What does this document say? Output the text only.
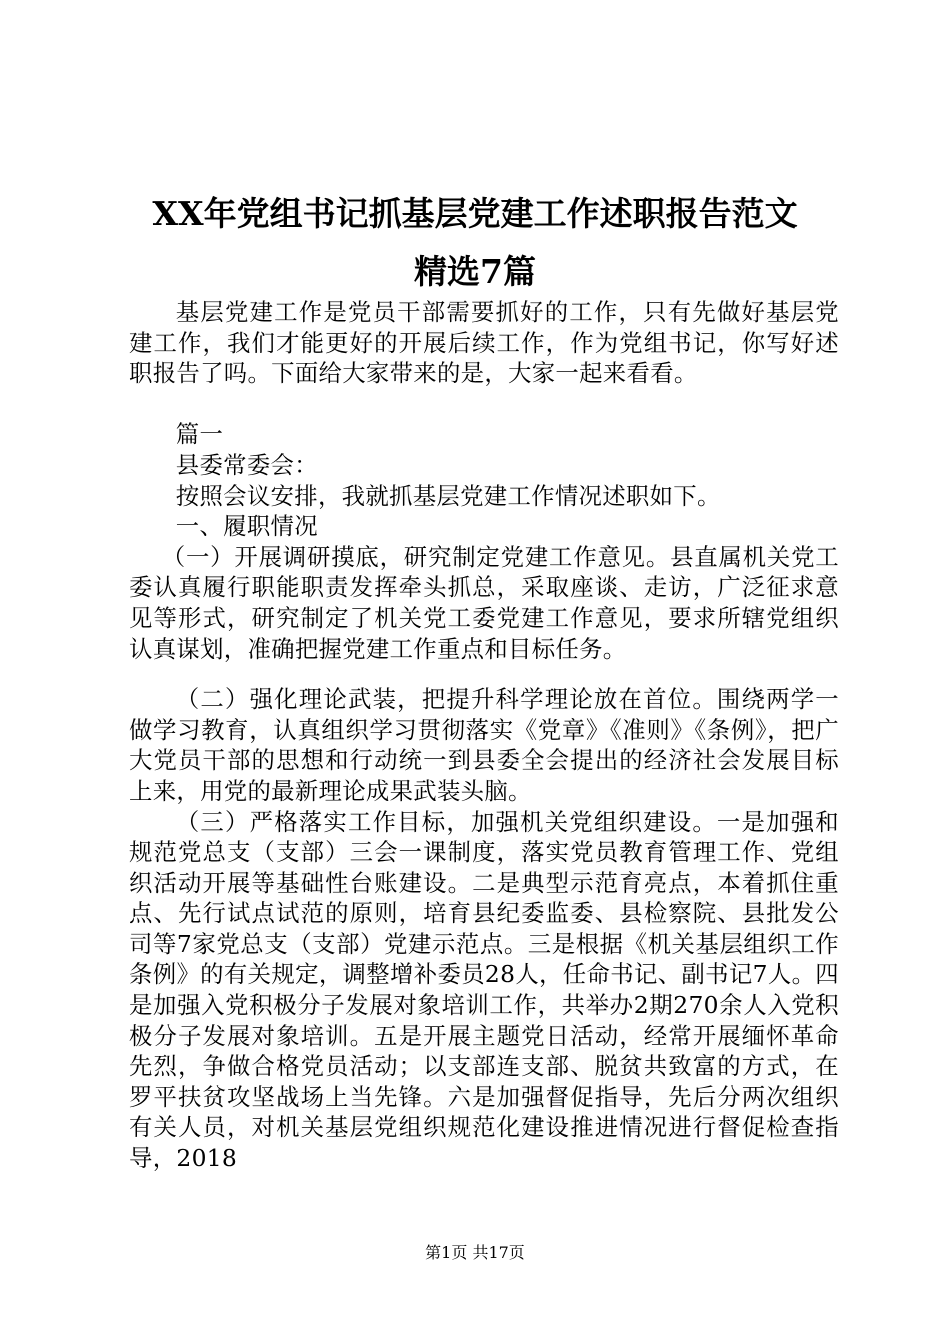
XX年党组书记抓基层党建工作述职报告范文
精选7篇

基层党建工作是党员干部需要抓好的工作，只有先做好基层党建工作，我们才能更好的开展后续工作，作为党组书记，你写好述职报告了吗。下面给大家带来的是，大家一起来看看。

篇一

县委常委会：

按照会议安排，我就抓基层党建工作情况述职如下。

一、履职情况

（一）开展调研摸底，研究制定党建工作意见。县直属机关党工委认真履行职能职责发挥牵头抓总，采取座谈、走访，广泛征求意见等形式，研究制定了机关党工委党建工作意见，要求所辖党组织认真谋划，准确把握党建工作重点和目标任务。

（二）强化理论武装，把提升科学理论放在首位。围绕两学一做学习教育，认真组织学习贯彻落实《党章》《准则》《条例》，把广大党员干部的思想和行动统一到县委全会提出的经济社会发展目标上来，用党的最新理论成果武装头脑。

（三）严格落实工作目标，加强机关党组织建设。一是加强和规范党总支（支部）三会一课制度，落实党员教育管理工作、党组织活动开展等基础性台账建设。二是典型示范育亮点，本着抓住重点、先行试点试范的原则，培育县纪委监委、县检察院、县批发公司等7家党总支（支部）党建示范点。三是根据《机关基层组织工作条例》的有关规定，调整增补委员28人，任命书记、副书记7人。四是加强入党积极分子发展对象培训工作，共举办2期270余人入党积极分子发展对象培训。五是开展主题党日活动，经常开展缅怀革命先烈，争做合格党员活动；以支部连支部、脱贫共致富的方式，在罗平扶贫攻坚战场上当先锋。六是加强督促指导，先后分两次组织有关人员，对机关基层党组织规范化建设推进情况进行督促检查指导，2018

第1页 共17页
